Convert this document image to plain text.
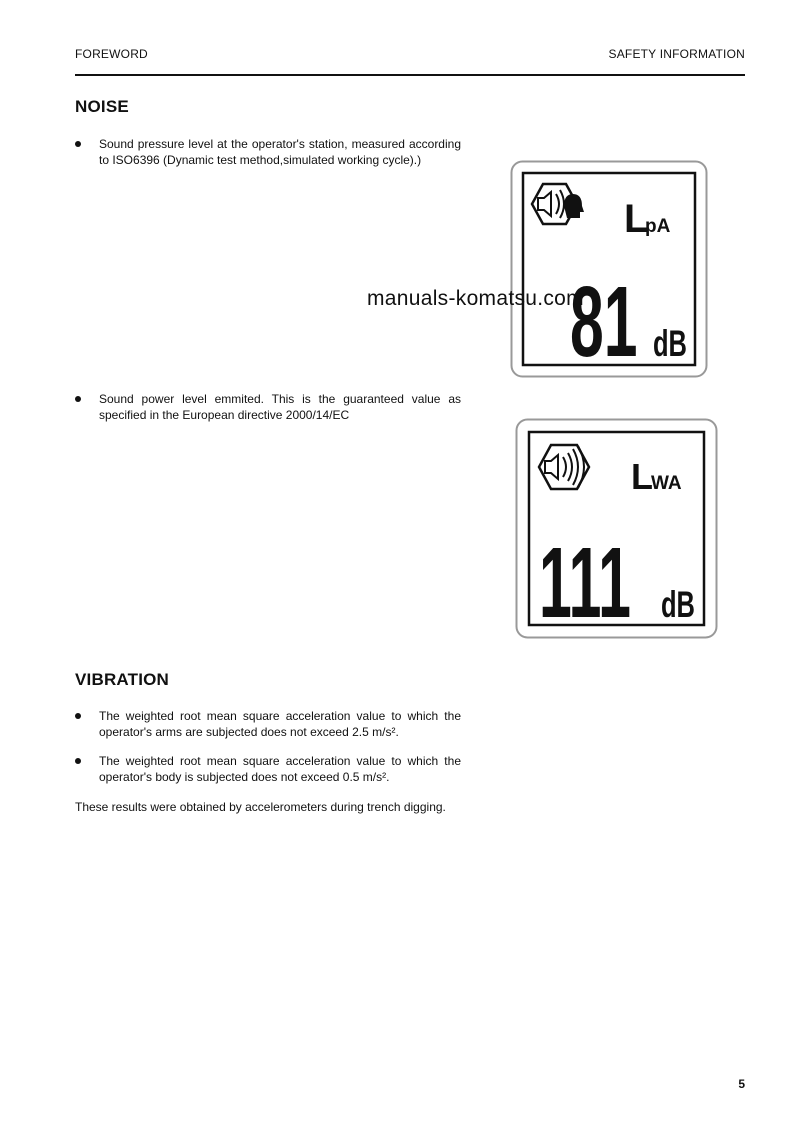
FOREWORD	SAFETY INFORMATION
NOISE
Sound pressure level at the operator's station, measured according to ISO6396 (Dynamic test method,simulated working cycle).)
Sound power level emmited. This is the guaranteed value as specified in the European directive 2000/14/EC
L
pA
81 dB
manuals-komatsu.com
L
WA
111 dB
VIBRATION
The weighted root mean square acceleration value to which the operator's arms are subjected does not exceed 2.5 m/s².
The weighted root mean square acceleration value to which the operator's body is subjected does not exceed 0.5 m/s².
These results were obtained by accelerometers during trench digging.
5
